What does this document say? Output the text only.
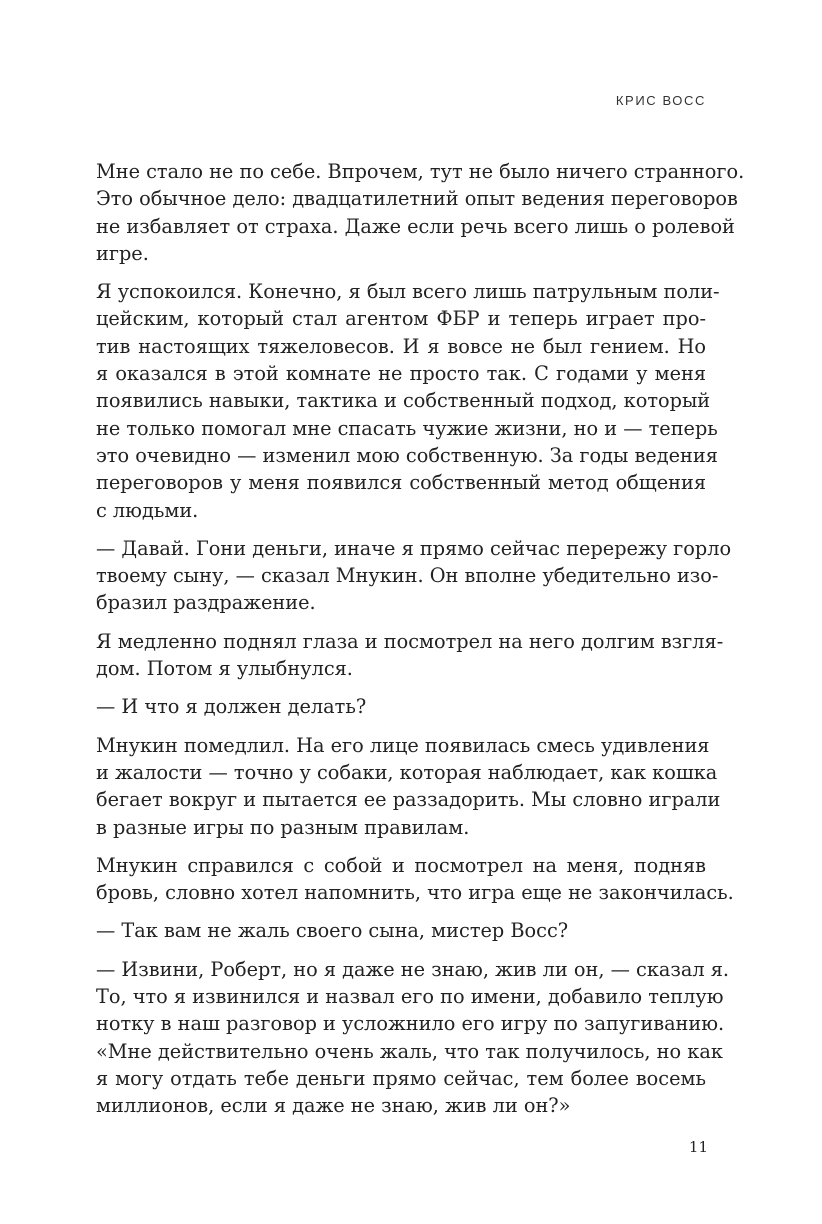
КРИС ВОСС

Мне стало не по себе. Впрочем, тут не было ничего странного.
Это обычное дело: двадцатилетний опыт ведения переговоров
не избавляет от страха. Даже если речь всего лишь о ролевой
игре.

Я успокоился. Конечно, я был всего лишь патрульным поли-
цейским, который стал агентом ФБР и теперь играет про-
тив настоящих тяжеловесов. И я вовсе не был гением. Но
я оказался в этой комнате не просто так. С годами у меня
появились навыки, тактика и собственный подход, который
не только помогал мне спасать чужие жизни, но и — теперь
это очевидно — изменил мою собственную. За годы ведения
переговоров у меня появился собственный метод общения
с людьми.

— Давай. Гони деньги, иначе я прямо сейчас перережу горло
твоему сыну, — сказал Мнукин. Он вполне убедительно изо-
бразил раздражение.

Я медленно поднял глаза и посмотрел на него долгим взгля-
дом. Потом я улыбнулся.

— И что я должен делать?

Мнукин помедлил. На его лице появилась смесь удивления
и жалости — точно у собаки, которая наблюдает, как кошка
бегает вокруг и пытается ее раззадорить. Мы словно играли
в разные игры по разным правилам.

Мнукин справился с собой и посмотрел на меня, подняв
бровь, словно хотел напомнить, что игра еще не закончилась.

— Так вам не жаль своего сына, мистер Восс?

— Извини, Роберт, но я даже не знаю, жив ли он, — сказал я.
То, что я извинился и назвал его по имени, добавило теплую
нотку в наш разговор и усложнило его игру по запугиванию.
«Мне действительно очень жаль, что так получилось, но как
я могу отдать тебе деньги прямо сейчас, тем более восемь
миллионов, если я даже не знаю, жив ли он?»

11
